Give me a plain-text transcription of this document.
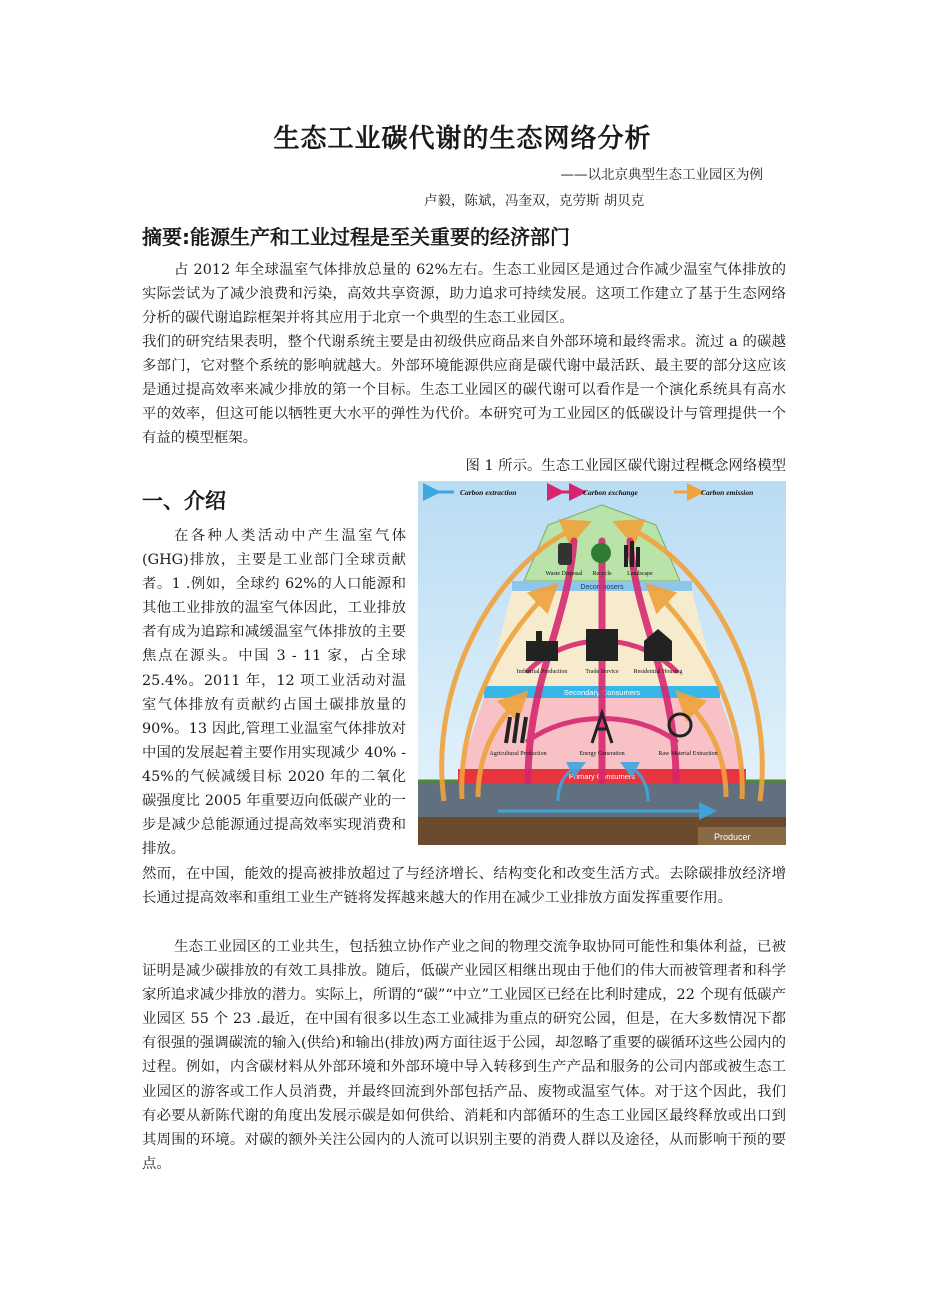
生态工业碳代谢的生态网络分析
——以北京典型生态工业园区为例
卢毅，陈斌，冯奎双，克劳斯 胡贝克
摘要:能源生产和工业过程是至关重要的经济部门

占 2012 年全球温室气体排放总量的 62%左右。生态工业园区是通过合作减少温室气体排放的实际尝试为了减少浪费和污染，高效共享资源，助力追求可持续发展。这项工作建立了基于生态网络分析的碳代谢追踪框架并将其应用于北京一个典型的生态工业园区。

我们的研究结果表明，整个代谢系统主要是由初级供应商品来自外部环境和最终需求。流过 a 的碳越多部门，它对整个系统的影响就越大。外部环境能源供应商是碳代谢中最活跃、最主要的部分这应该是通过提高效率来减少排放的第一个目标。生态工业园区的碳代谢可以看作是一个演化系统具有高水平的效率，但这可能以牺牲更大水平的弹性为代价。本研究可为工业园区的低碳设计与管理提供一个有益的模型框架。

图 1 所示。生态工业园区碳代谢过程概念网络模型
一、介绍

在各种人类活动中产生温室气体(GHG)排放，主要是工业部门全球贡献者。1 .例如，全球约 62%的人口能源和其他工业排放的温室气体因此，工业排放者有成为追踪和减缓温室气体排放的主要焦点在源头。中国 3 - 11 家，占全球 25.4%。2011 年，12 项工业活动对温室气体排放有贡献约占国土碳排放量的 90%。13 因此,管理工业温室气体排放对中国的发展起着主要作用实现减少 40% - 45%的气候减缓目标 2020 年的二氧化碳强度比 2005 年重要迈向低碳产业的一步是减少总能源通过提高效率实现消费和排放。

然而，在中国，能效的提高被排放超过了与经济增长、结构变化和改变生活方式。去除碳排放经济增长通过提高效率和重组工业生产链将发挥越来越大的作用在减少工业排放方面发挥重要作用。

生态工业园区的工业共生，包括独立协作产业之间的物理交流争取协同可能性和集体利益，已被证明是减少碳排放的有效工具排放。随后，低碳产业园区相继出现由于他们的伟大而被管理者和科学家所追求减少排放的潜力。实际上，所谓的“碳”“中立”工业园区已经在比利时建成，22 个现有低碳产业园区 55 个 23 .最近，在中国有很多以生态工业减排为重点的研究公园，但是，在大多数情况下都有很强的强调碳流的输入(供给)和输出(排放)两方面往返于公园，却忽略了重要的碳循环这些公园内的过程。例如，内含碳材料从外部环境和外部环境中导入转移到生产产品和服务的公司内部或被生态工业园区的游客或工作人员消费，并最终回流到外部包括产品、废物或温室气体。对于这个因此，我们有必要从新陈代谢的角度出发展示碳是如何供给、消耗和内部循环的生态工业园区最终释放或出口到其周围的环境。对碳的额外关注公园内的人流可以识别主要的消费人群以及途径，从而影响干预的要点。

Carbon extraction	Carbon exchange	Carbon emission
Producer
Decomposers
Secondary Consumers
Primary Consumers
Waste Disposal Recycle	Landscape
Industrial Production	Trade Service Residential Housing
Agricultural Production	Energy Generation	Raw Material Extraction
